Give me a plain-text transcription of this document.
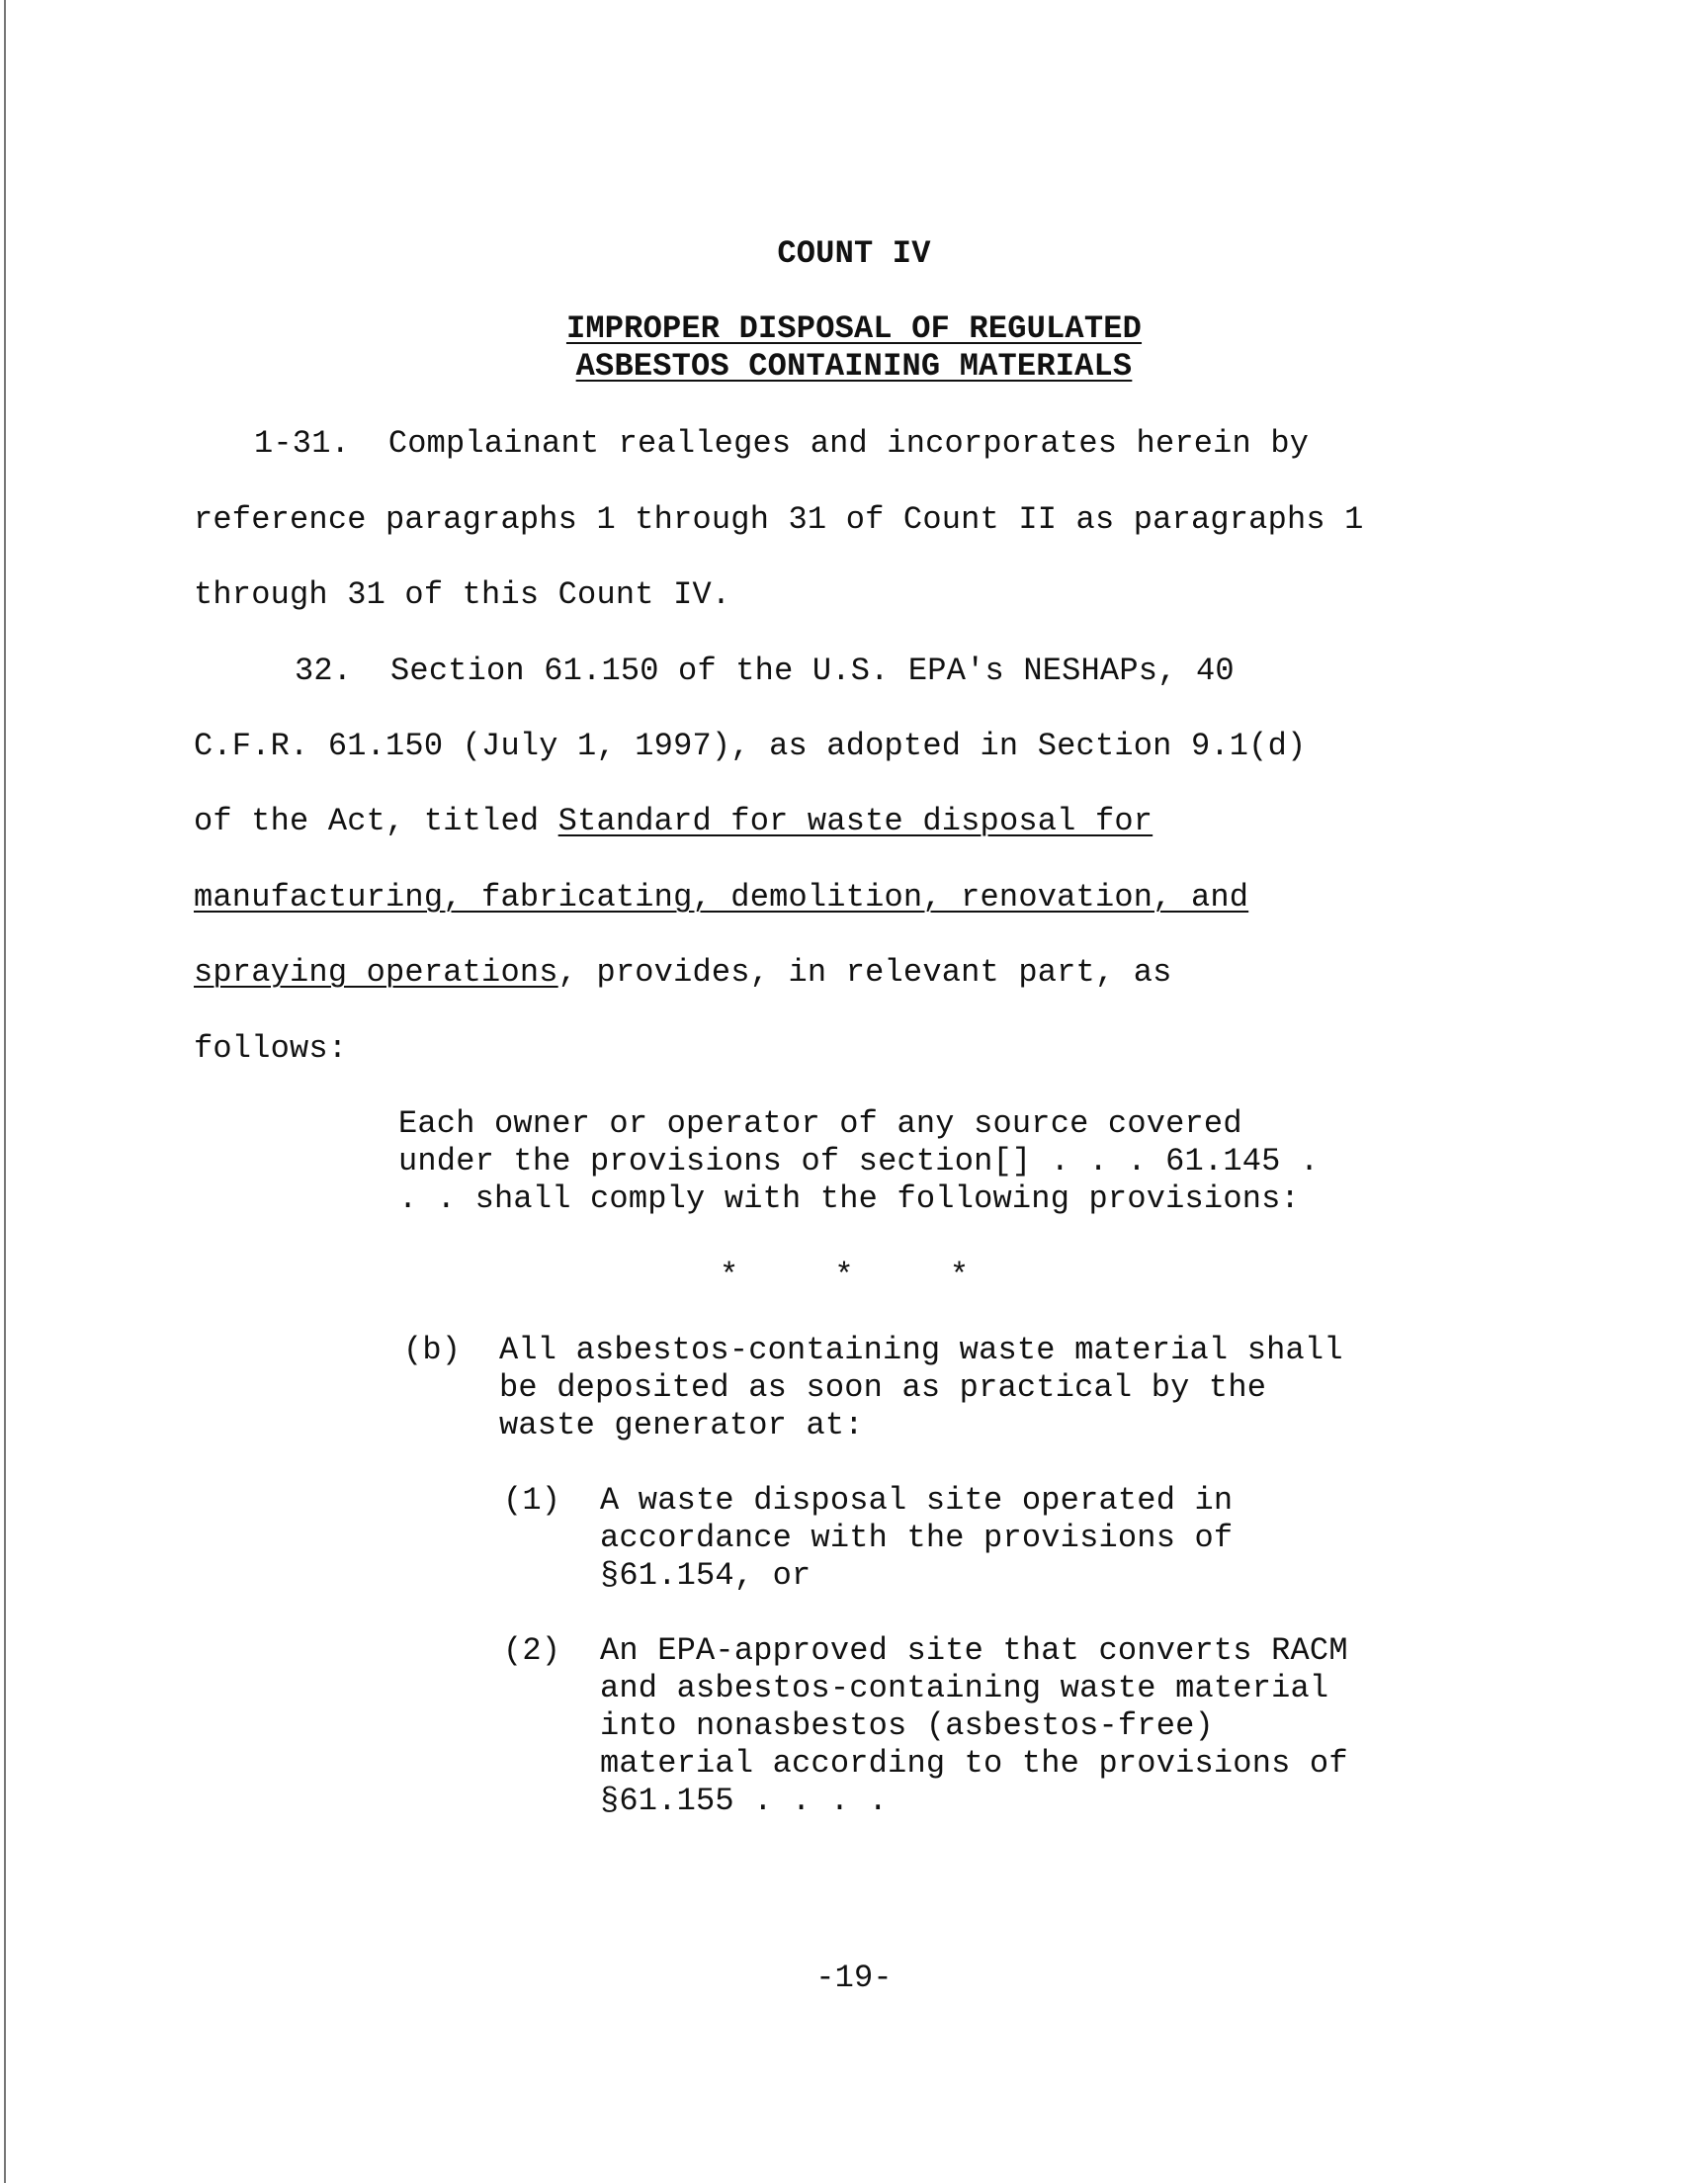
COUNT IV
IMPROPER DISPOSAL OF REGULATED
ASBESTOS CONTAINING MATERIALS
1-31.  Complainant realleges and incorporates herein by
reference paragraphs 1 through 31 of Count II as paragraphs 1
through 31 of this Count IV.
32.  Section 61.150 of the U.S. EPA's NESHAPs, 40
C.F.R. 61.150 (July 1, 1997), as adopted in Section 9.1(d)
of the Act, titled Standard for waste disposal for
manufacturing, fabricating, demolition, renovation, and
spraying operations, provides, in relevant part, as
follows:
Each owner or operator of any source covered
under the provisions of section[] . . . 61.145 .
. . shall comply with the following provisions:
*     *     *
(b) All asbestos-containing waste material shall
be deposited as soon as practical by the
waste generator at:
(1) A waste disposal site operated in
accordance with the provisions of
§61.154, or
(2) An EPA-approved site that converts RACM
and asbestos-containing waste material
into nonasbestos (asbestos-free)
material according to the provisions of
§61.155 . . . .
-19-
